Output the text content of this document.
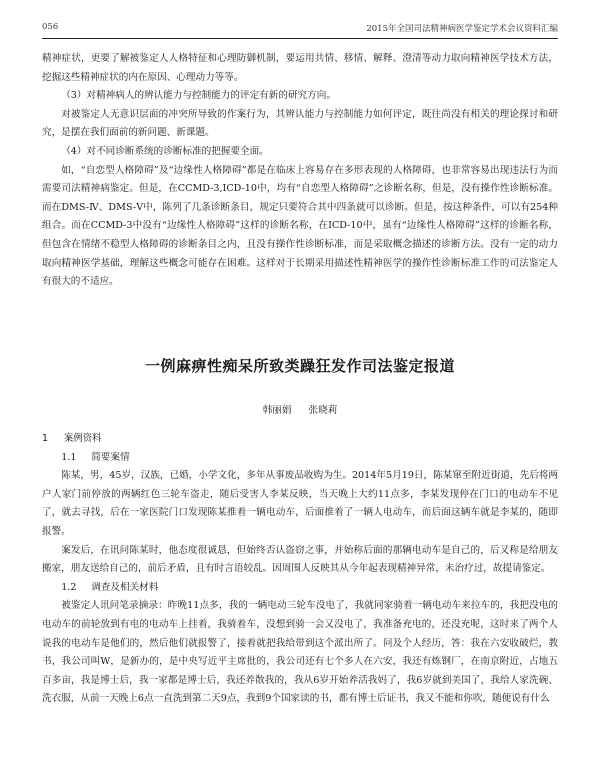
056	2015年全国司法精神病医学鉴定学术会议资料汇编

精神症状，更要了解被鉴定人人格特征和心理防御机制，要运用共情、移情、解释、澄清等动力取向精神医学技术方法，挖掘这些精神症状的内在原因、心理动力等等。

（3）对精神病人的辨认能力与控制能力的评定有新的研究方向。

对被鉴定人无意识层面的冲突所导致的作案行为，其辨认能力与控制能力如何评定，既往尚没有相关的理论探讨和研究，是摆在我们面前的新问题、新课题。

（4）对不同诊断系统的诊断标准的把握要全面。

如，“自恋型人格障碍”及“边缘性人格障碍”都是在临床上容易存在多形表现的人格障碍，也非常容易出现违法行为而需要司法精神病鉴定。但是，在CCMD-3,ICD-10中，均有“自恋型人格障碍”之诊断名称，但是，没有操作性诊断标准。而在DMS-Ⅳ、DMS-Ⅴ中，陈列了几条诊断条目，规定只要符合其中四条就可以诊断。但是，按这种条件，可以有254种组合。而在CCMD-3中没有“边缘性人格障碍”这样的诊断名称，在ICD-10中，虽有“边缘性人格障碍”这样的诊断名称，但包含在情绪不稳型人格障碍的诊断条目之内，且没有操作性诊断标准，而是采取概念描述的诊断方法。没有一定的动力取向精神医学基础，理解这些概念可能存在困难。这样对于长期采用描述性精神医学的操作性诊断标准工作的司法鉴定人有很大的不适应。

一例麻痹性痴呆所致类躁狂发作司法鉴定报道
韩丽娟 张晓莉

1 案例资料

1.1 简要案情

陈某，男，45岁，汉族，已婚，小学文化，多年从事废品收购为生。2014年5月19日，陈某窜至附近街道，先后将两户人家门前停放的两辆红色三轮车盗走，随后受害人李某反映，当天晚上大约11点多，李某发现停在门口的电动车不见了，就去寻找，后在一家医院门口发现陈某推着一辆电动车，后面推着了一辆人电动车，而后面这辆车就是李某的，随即报警。

案发后，在讯问陈某时，他态度很诚恳，但始终否认盗窃之事，并始称后面的那辆电动车是自己的，后又称是给朋友搬家，朋友送给自己的，前后矛盾，且有时言语较乱。因周围人反映其从今年起表现精神异常，未治疗过，故提请鉴定。

1.2 调查及相关材料

被鉴定人讯问笔录摘录：昨晚11点多，我的一辆电动三轮车没电了，我就同家骑着一辆电动车来拉车的，我把没电的电动车的前轮放到有电的电动车上挂着，我骑着车，没想到骑一会又没电了，我准备充电的，还没充呢，这时来了两个人说我的电动车是他们的，然后他们就报警了，接着就把我给带到这个派出所了。问及个人经历，答：我在六安收破烂，教书，我公司叫W，是新办的，是中央写近平主席批的，我公司还有七个多人在六安，我还有炼钢厂，在南京附近，占地五百多亩，我是博士后，我一家都是博士后，我还养散我的，我从6岁开始养活我妈了，我6岁就到美国了，我给人家洗碗、洗衣服，从前一天晚上6点一直洗到第二天9点，我到9个国家读的书，都有博士后证书，我又不能和你吹，随便说有什么
